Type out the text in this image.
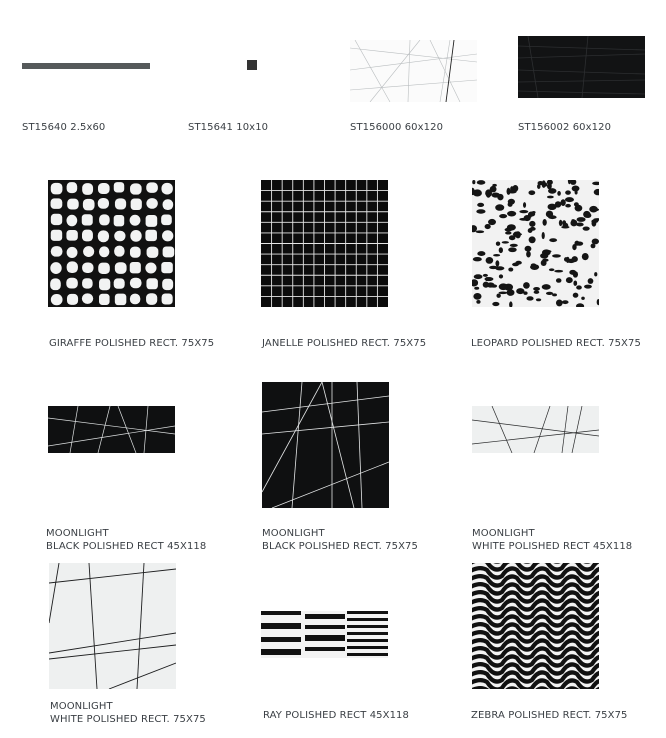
ST15640 2.5x60	ST15641 10x10	ST156000 60x120	ST156002 60x120
GIRAFFE POLISHED RECT. 75X75	JANELLE POLISHED RECT. 75X75	LEOPARD POLISHED RECT. 75X75
MOONLIGHT
BLACK POLISHED RECT 45X118
MOONLIGHT
BLACK POLISHED RECT. 75X75
MOONLIGHT
WHITE POLISHED RECT 45X118
MOONLIGHT
WHITE POLISHED RECT. 75X75	RAY POLISHED RECT 45X118	ZEBRA POLISHED RECT. 75X75
